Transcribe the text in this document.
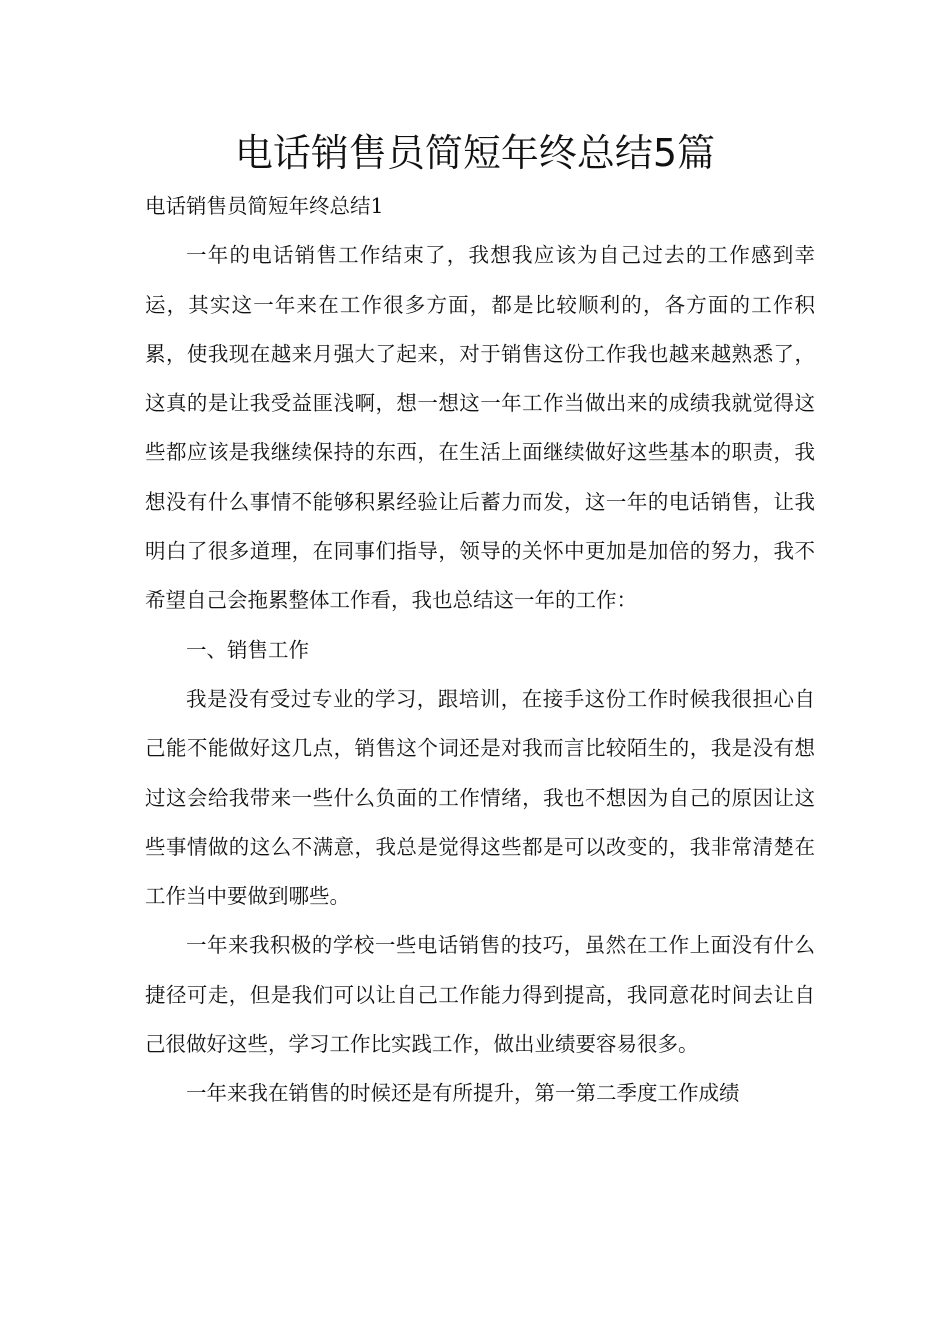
电话销售员简短年终总结5篇

电话销售员简短年终总结1

一年的电话销售工作结束了，我想我应该为自己过去的工作感到幸运，其实这一年来在工作很多方面，都是比较顺利的，各方面的工作积累，使我现在越来月强大了起来，对于销售这份工作我也越来越熟悉了，这真的是让我受益匪浅啊，想一想这一年工作当做出来的成绩我就觉得这些都应该是我继续保持的东西，在生活上面继续做好这些基本的职责，我想没有什么事情不能够积累经验让后蓄力而发，这一年的电话销售，让我明白了很多道理，在同事们指导，领导的关怀中更加是加倍的努力，我不希望自己会拖累整体工作看，我也总结这一年的工作：

一、销售工作

我是没有受过专业的学习，跟培训，在接手这份工作时候我很担心自己能不能做好这几点，销售这个词还是对我而言比较陌生的，我是没有想过这会给我带来一些什么负面的工作情绪，我也不想因为自己的原因让这些事情做的这么不满意，我总是觉得这些都是可以改变的，我非常清楚在工作当中要做到哪些。

一年来我积极的学校一些电话销售的技巧，虽然在工作上面没有什么捷径可走，但是我们可以让自己工作能力得到提高，我同意花时间去让自己很做好这些，学习工作比实践工作，做出业绩要容易很多。

一年来我在销售的时候还是有所提升，第一第二季度工作成绩
